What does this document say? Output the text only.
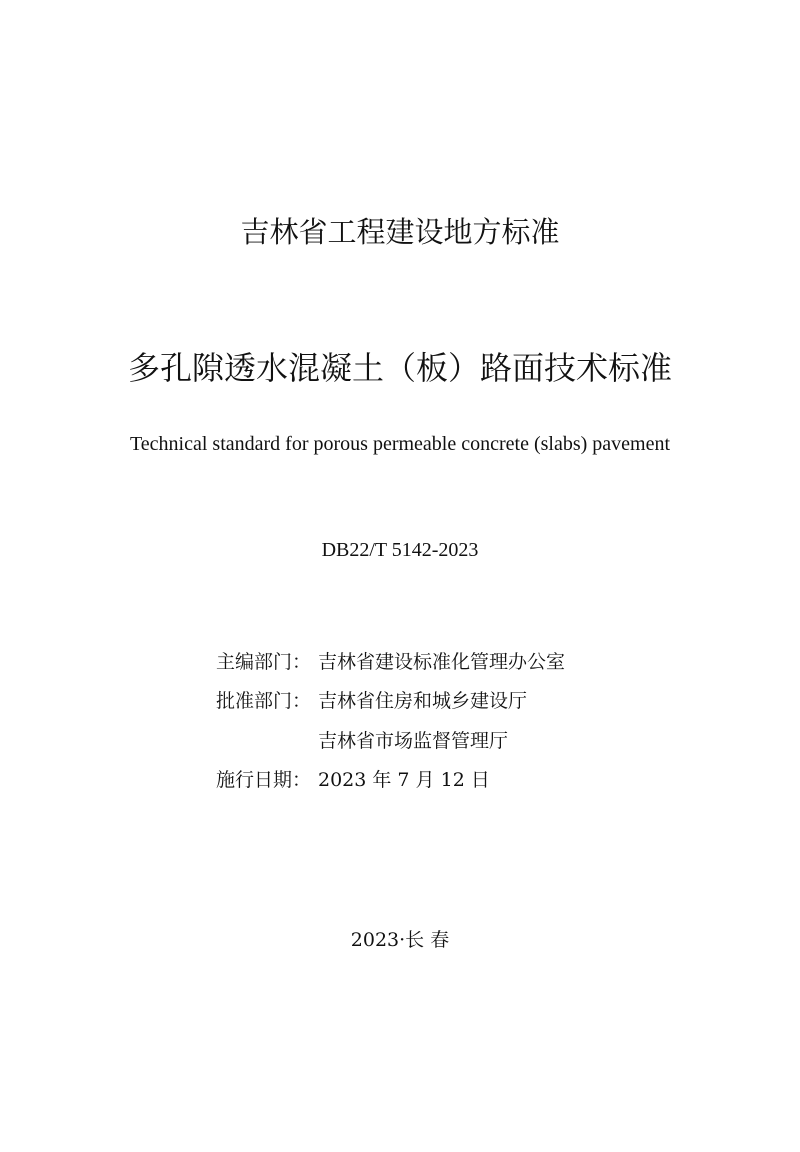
吉林省工程建设地方标准
多孔隙透水混凝土（板）路面技术标准
Technical standard for porous permeable concrete (slabs) pavement
DB22/T 5142-2023
主编部门： 吉林省建设标准化管理办公室
批准部门： 吉林省住房和城乡建设厅
吉林省市场监督管理厅
施行日期： 2023 年 7 月 12 日
2023·长 春
